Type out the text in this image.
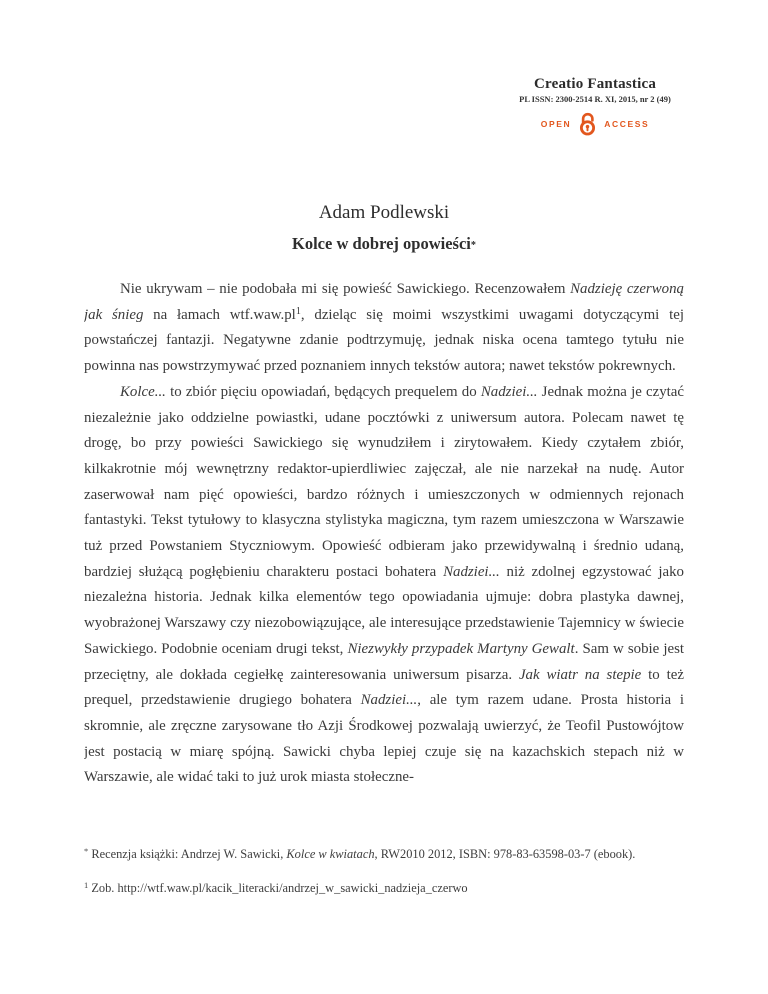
Creatio Fantastica
PL ISSN: 2300-2514 R. XI, 2015, nr 2 (49)
OPEN	ACCESS

Adam Podlewski

Kolce w dobrej opowieści*

Nie ukrywam – nie podobała mi się powieść Sawickiego. Recenzowałem Nadzieję czerwoną jak śnieg na łamach $wtf.waw.pl^1$, dzieląc się moimi wszystkimi uwagami dotyczącymi tej powstańczej fantazji. Negatywne zdanie podtrzymuję, jednak niska ocena tamtego tytułu nie powinna nas powstrzymywać przed poznaniem innych tekstów autora; nawet tekstów pokrewnych.

Kolce... to zbiór pięciu opowiadań, będących prequelem do Nadziei... Jednak można je czytać niezależnie jako oddzielne powiastki, udane pocztówki z uniwersum autora. Polecam nawet tę drogę, bo przy powieści Sawickiego się wynudziłem i zirytowałem. Kiedy czytałem zbiór, kilkakrotnie mój wewnętrzny redaktor-upierdliwiec zajęczał, ale nie narzekał na nudę. Autor zaserwował nam pięć opowieści, bardzo różnych i umieszczonych w odmiennych rejonach fantastyki. Tekst tytułowy to klasyczna stylistyka magiczna, tym razem umieszczona w Warszawie tuż przed Powstaniem Styczniowym. Opowieść odbieram jako przewidywalną i średnio udaną, bardziej służącą pogłębieniu charakteru postaci bohatera Nadziei... niż zdolnej egzystować jako niezależna historia. Jednak kilka elementów tego opowiadania ujmuje: dobra plastyka dawnej, wyobrażonej Warszawy czy niezobowiązujące, ale interesujące przedstawienie Tajemnicy w świecie Sawickiego. Podobnie oceniam drugi tekst, Niezwykły przypadek Martyny Gewalt. Sam w sobie jest przeciętny, ale dokłada cegiełkę zainteresowania uniwersum pisarza. Jak wiatr na stepie to też prequel, przedstawienie drugiego bohatera Nadziei..., ale tym razem udane. Prosta historia i skromnie, ale zręczne zarysowane tło Azji Środkowej pozwalają uwierzyć, że Teofil Pustowójtow jest postacią w miarę spójną. Sawicki chyba lepiej czuje się na kazachskich stepach niż w Warszawie, ale widać taki to już urok miasta stołeczne-

* Recenzja książki: Andrzej W. Sawicki, Kolce w kwiatach, RW2010 2012, ISBN: 978-83-63598-03-7 (ebook).

$^1$ Zob. http://wtf.waw.pl/kacik_literacki/andrzej_w_sawicki_nadzieja_czerwo
